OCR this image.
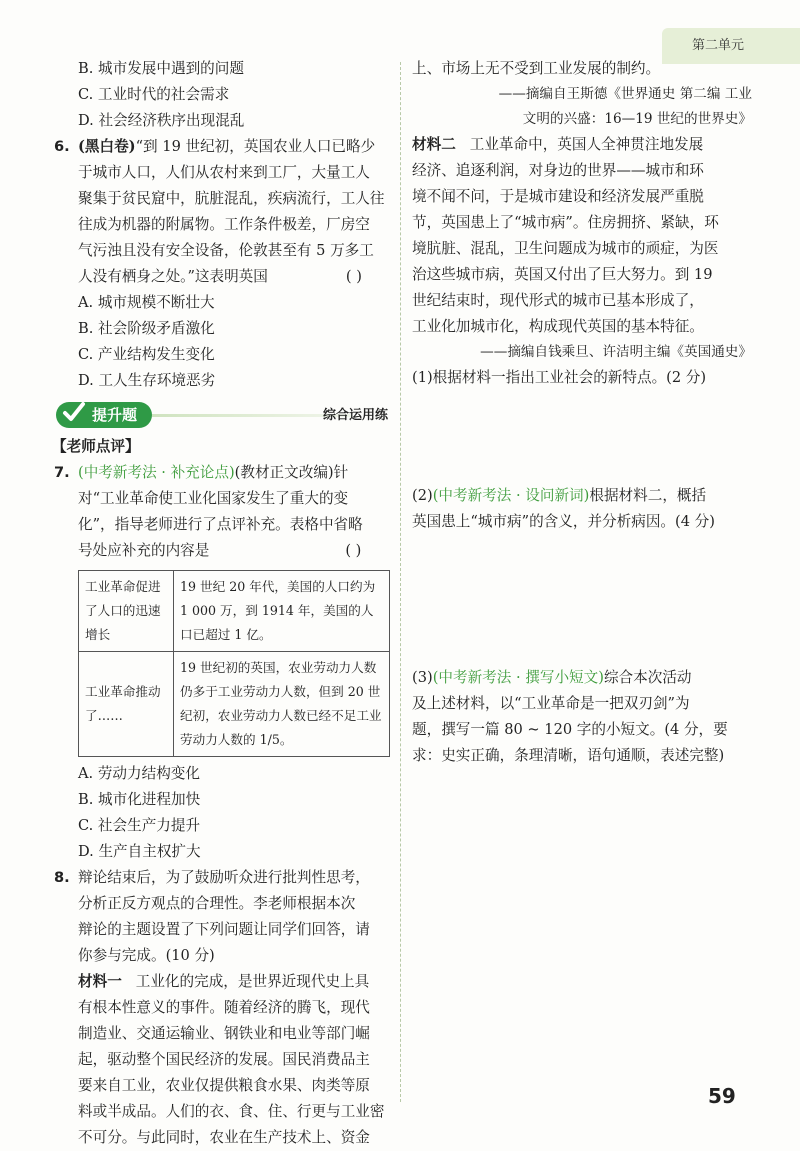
第二单元
B. 城市发展中遇到的问题
C. 工业时代的社会需求
D. 社会经济秩序出现混乱
6. (黑白卷)“到 19 世纪初，英国农业人口已略少
于城市人口，人们从农村来到工厂，大量工人
聚集于贫民窟中，肮脏混乱，疾病流行，工人往
往成为机器的附属物。工作条件极差，厂房空
气污浊且没有安全设备，伦敦甚至有 5 万多工
人没有栖身之处。”这表明英国	( )
A. 城市规模不断壮大
B. 社会阶级矛盾激化
C. 产业结构发生变化
D. 工人生存环境恶劣
提升题	综合运用练
【老师点评】
7. (中考新考法 · 补充论点)(教材正文改编)针
对“工业革命使工业化国家发生了重大的变
化”，指导老师进行了点评补充。表格中省略
号处应补充的内容是	( )
工业革命促进了人口的迅速增长	19 世纪 20 年代，美国的人口约为 1 000 万，到 1914 年，美国的人口已超过 1 亿。
工业革命推动了……	19 世纪初的英国，农业劳动力人数仍多于工业劳动力人数，但到 20 世纪初，农业劳动力人数已经不足工业劳动力人数的 1/5。
A. 劳动力结构变化
B. 城市化进程加快
C. 社会生产力提升
D. 生产自主权扩大
8. 辩论结束后，为了鼓励听众进行批判性思考，
分析正反方观点的合理性。李老师根据本次
辩论的主题设置了下列问题让同学们回答，请
你参与完成。(10 分)
材料一 工业化的完成，是世界近现代史上具
有根本性意义的事件。随着经济的腾飞，现代
制造业、交通运输业、钢铁业和电业等部门崛
起，驱动整个国民经济的发展。国民消费品主
要来自工业，农业仅提供粮食水果、肉类等原
料或半成品。人们的衣、食、住、行更与工业密
不可分。与此同时，农业在生产技术上、资金
上、市场上无不受到工业发展的制约。
——摘编自王斯德《世界通史 第二编 工业
文明的兴盛：16—19 世纪的世界史》
材料二 工业革命中，英国人全神贯注地发展
经济、追逐利润，对身边的世界——城市和环
境不闻不问，于是城市建设和经济发展严重脱
节，英国患上了“城市病”。住房拥挤、紧缺，环
境肮脏、混乱，卫生问题成为城市的顽症，为医
治这些城市病，英国又付出了巨大努力。到 19
世纪结束时，现代形式的城市已基本形成了，
工业化加城市化，构成现代英国的基本特征。
——摘编自钱乘旦、许洁明主编《英国通史》
(1)根据材料一指出工业社会的新特点。(2 分)
(2)(中考新考法 · 设问新词)根据材料二，概括
英国患上“城市病”的含义，并分析病因。(4 分)
(3)(中考新考法 · 撰写小短文)综合本次活动
及上述材料，以“工业革命是一把双刃剑”为
题，撰写一篇 80 ~ 120 字的小短文。(4 分，要
求：史实正确，条理清晰，语句通顺，表述完整)
59
